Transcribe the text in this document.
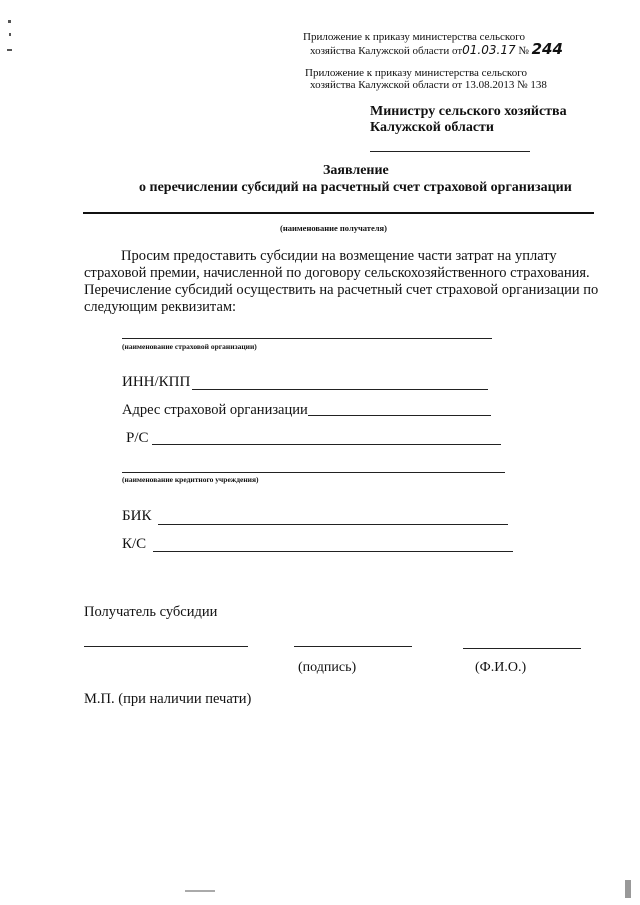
Приложение к приказу министерства сельского
хозяйства Калужской области от01.03.17 № 244
Приложение к приказу министерства сельского
хозяйства Калужской области от 13.08.2013 № 138
Министру сельского хозяйства
Калужской области
Заявление
о перечислении субсидий на расчетный счет страховой организации
(наименование получателя)
Просим предоставить субсидии на возмещение части затрат на уплату
страховой премии, начисленной по договору сельскохозяйственного страхования.
Перечисление субсидий осуществить на расчетный счет страховой организации по
следующим реквизитам:
(наименование страховой организации)
ИНН/КПП
Адрес страховой организации
Р/С
(наименование кредитного учреждения)
БИК
К/С
Получатель субсидии
(подпись)	(Ф.И.О.)
М.П. (при наличии печати)
